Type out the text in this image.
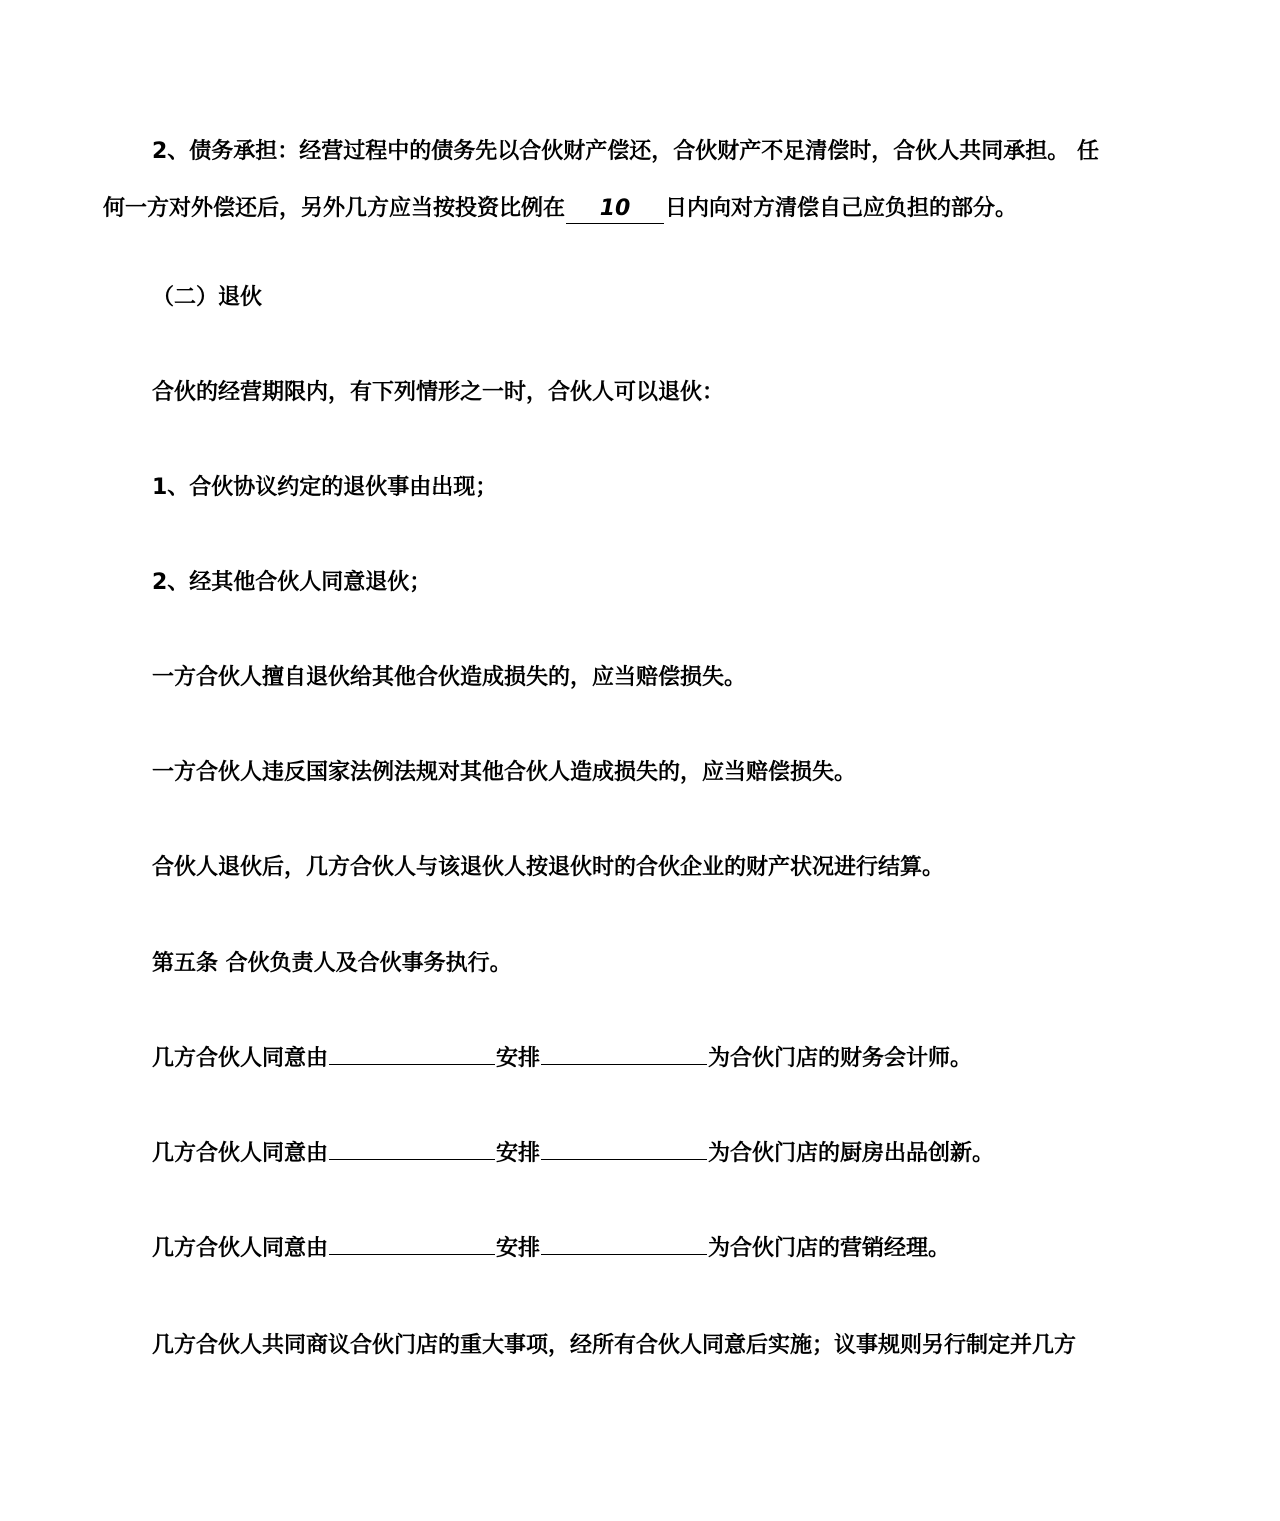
2、债务承担：经营过程中的债务先以合伙财产偿还，合伙财产不足清偿时，合伙人共同承担。 任
何一方对外偿还后，另外几方应当按投资比例在 10 日内向对方清偿自己应负担的部分。

（二）退伙

合伙的经营期限内，有下列情形之一时，合伙人可以退伙：

1、合伙协议约定的退伙事由出现；

2、经其他合伙人同意退伙；

一方合伙人擅自退伙给其他合伙造成损失的，应当赔偿损失。

一方合伙人违反国家法例法规对其他合伙人造成损失的，应当赔偿损失。

合伙人退伙后，几方合伙人与该退伙人按退伙时的合伙企业的财产状况进行结算。

第五条 合伙负责人及合伙事务执行。

几方合伙人同意由	安排	为合伙门店的财务会计师。

几方合伙人同意由	安排	为合伙门店的厨房出品创新。

几方合伙人同意由	安排	为合伙门店的营销经理。

几方合伙人共同商议合伙门店的重大事项，经所有合伙人同意后实施；议事规则另行制定并几方
